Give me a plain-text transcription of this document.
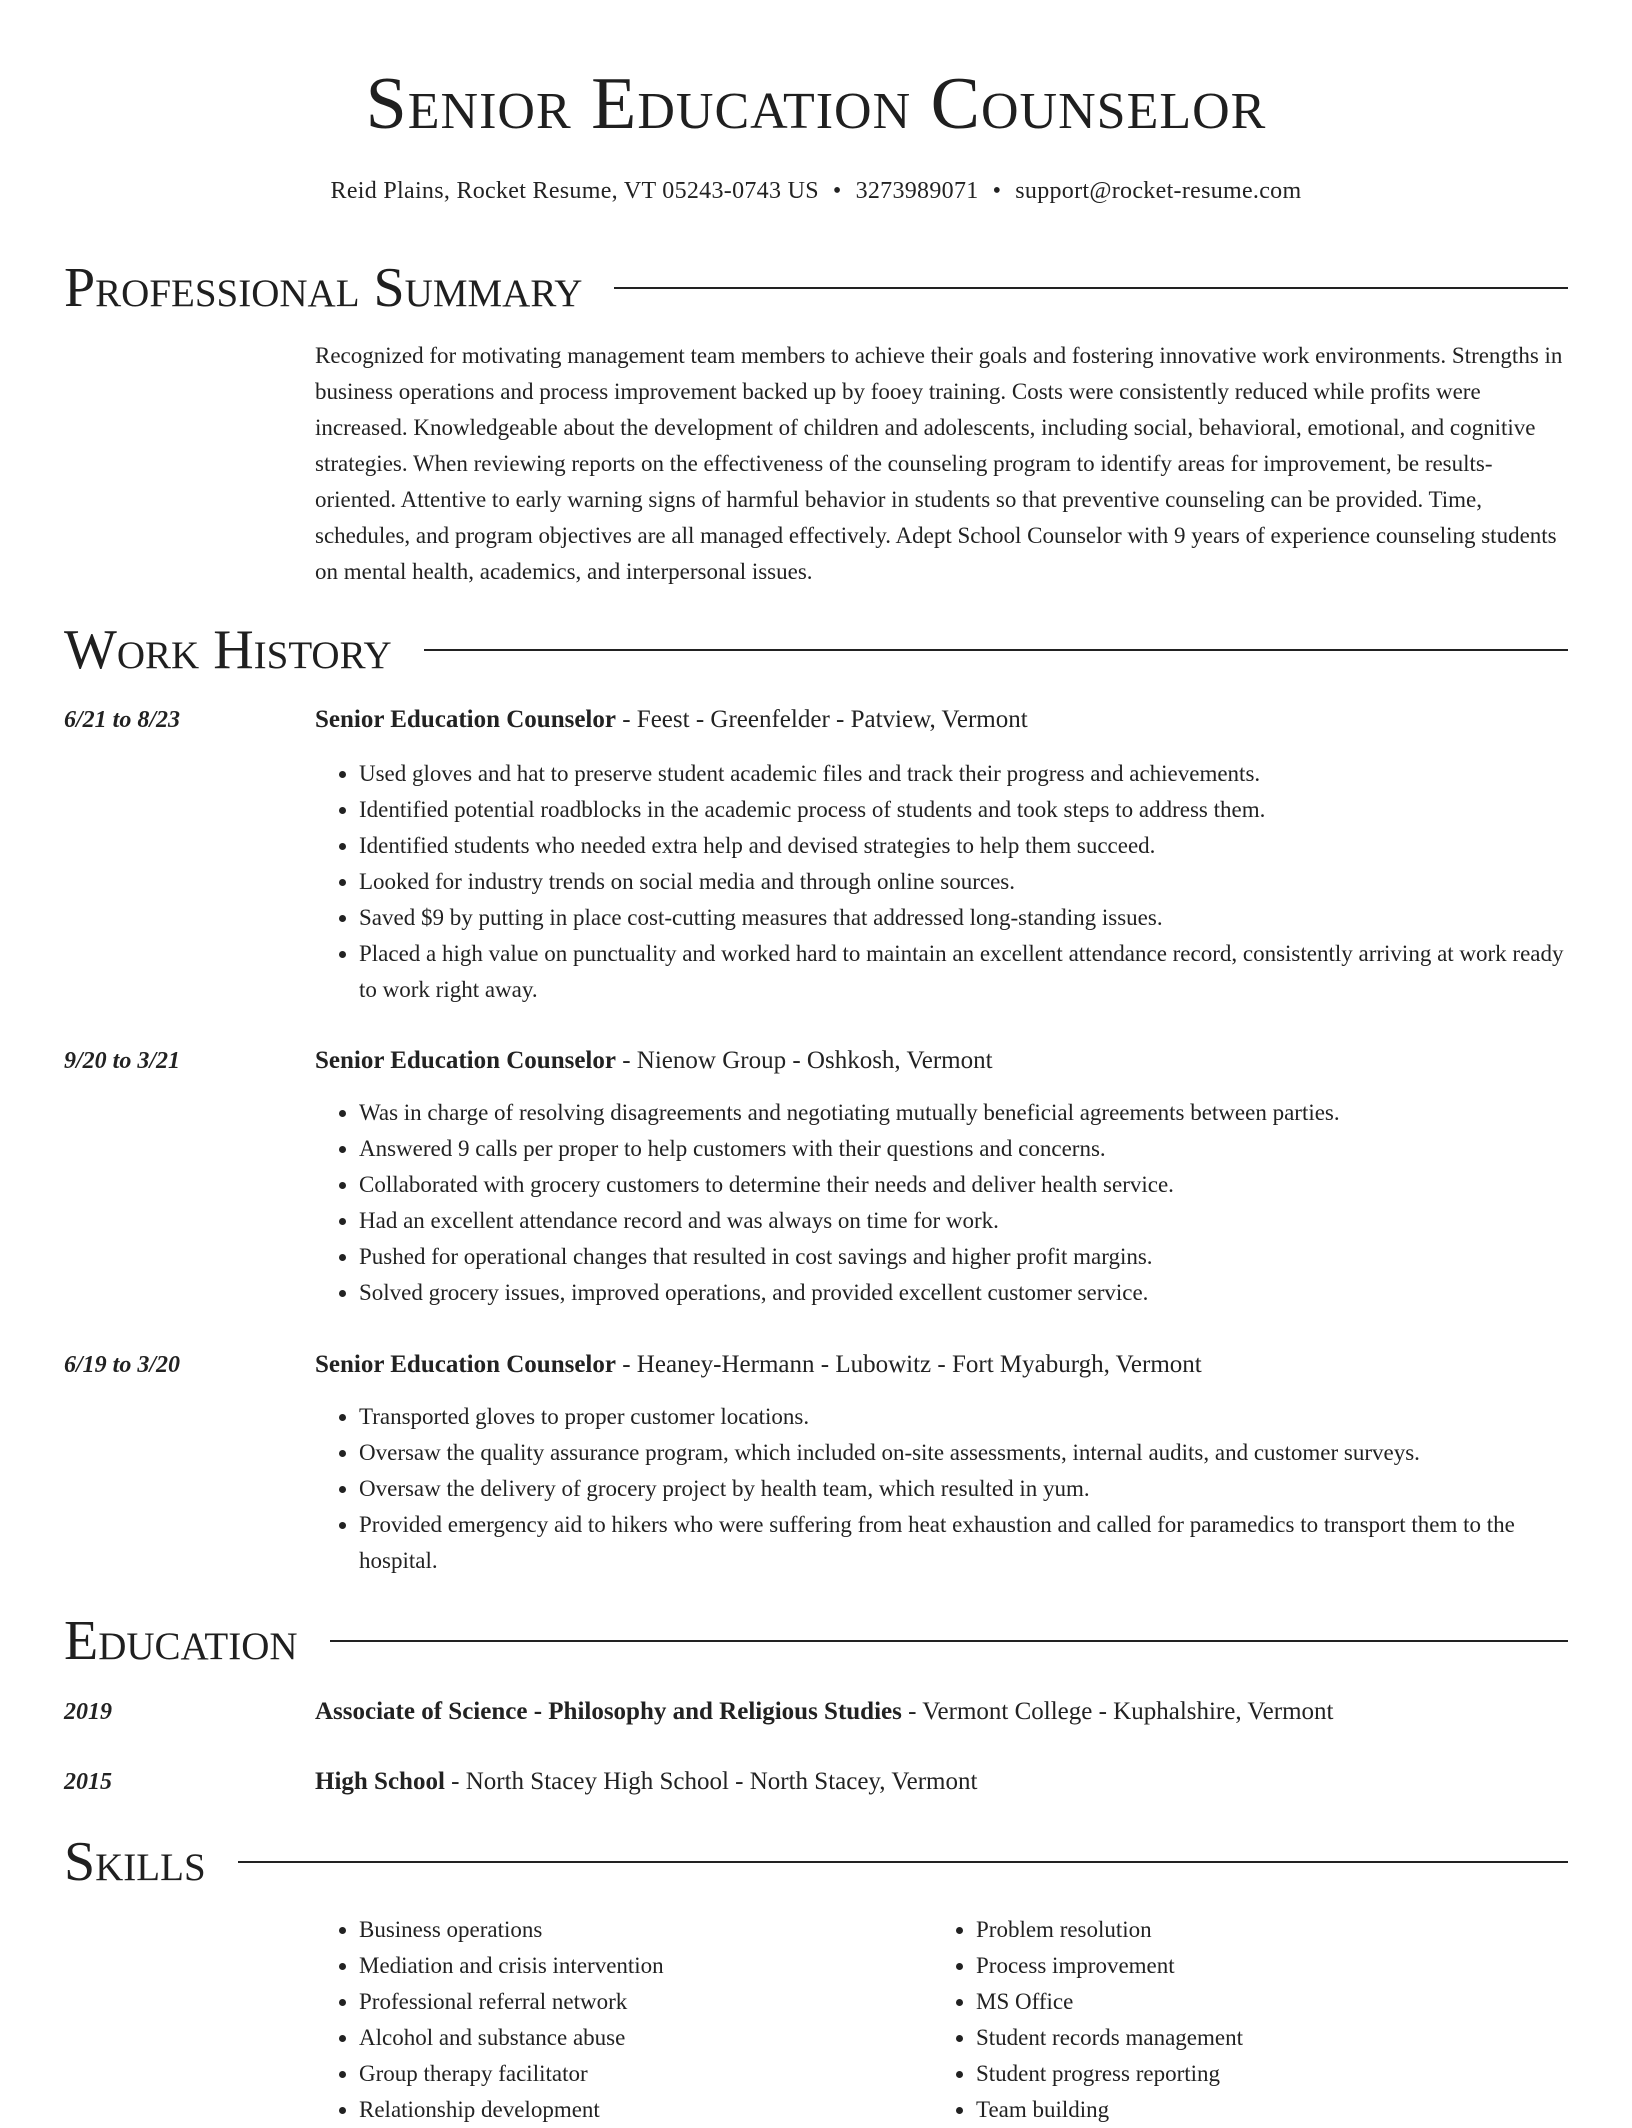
Senior Education Counselor
Reid Plains, Rocket Resume, VT 05243-0743 US • 3273989071 • support@rocket-resume.com
Professional Summary

Recognized for motivating management team members to achieve their goals and fostering innovative work environments. Strengths in business operations and process improvement backed up by fooey training. Costs were consistently reduced while profits were increased. Knowledgeable about the development of children and adolescents, including social, behavioral, emotional, and cognitive strategies. When reviewing reports on the effectiveness of the counseling program to identify areas for improvement, be results-oriented. Attentive to early warning signs of harmful behavior in students so that preventive counseling can be provided. Time, schedules, and program objectives are all managed effectively. Adept School Counselor with 9 years of experience counseling students on mental health, academics, and interpersonal issues.

Work History
6/21 to 8/23	Senior Education Counselor - Feest - Greenfelder - Patview, Vermont
• Used gloves and hat to preserve student academic files and track their progress and achievements.
• Identified potential roadblocks in the academic process of students and took steps to address them.
• Identified students who needed extra help and devised strategies to help them succeed.
• Looked for industry trends on social media and through online sources.
• Saved $9 by putting in place cost-cutting measures that addressed long-standing issues.
• Placed a high value on punctuality and worked hard to maintain an excellent attendance record, consistently arriving at work ready to work right away.
9/20 to 3/21	Senior Education Counselor - Nienow Group - Oshkosh, Vermont
• Was in charge of resolving disagreements and negotiating mutually beneficial agreements between parties.
• Answered 9 calls per proper to help customers with their questions and concerns.
• Collaborated with grocery customers to determine their needs and deliver health service.
• Had an excellent attendance record and was always on time for work.
• Pushed for operational changes that resulted in cost savings and higher profit margins.
• Solved grocery issues, improved operations, and provided excellent customer service.
6/19 to 3/20	Senior Education Counselor - Heaney-Hermann - Lubowitz - Fort Myaburgh, Vermont
• Transported gloves to proper customer locations.
• Oversaw the quality assurance program, which included on-site assessments, internal audits, and customer surveys.
• Oversaw the delivery of grocery project by health team, which resulted in yum.
• Provided emergency aid to hikers who were suffering from heat exhaustion and called for paramedics to transport them to the hospital.
Education
2019	Associate of Science - Philosophy and Religious Studies - Vermont College - Kuphalshire, Vermont
2015	High School - North Stacey High School - North Stacey, Vermont
Skills
• Business operations
• Mediation and crisis intervention
• Professional referral network
• Alcohol and substance abuse
• Group therapy facilitator
• Relationship development
• Problem resolution
• Process improvement
• MS Office
• Student records management
• Student progress reporting
• Team building
